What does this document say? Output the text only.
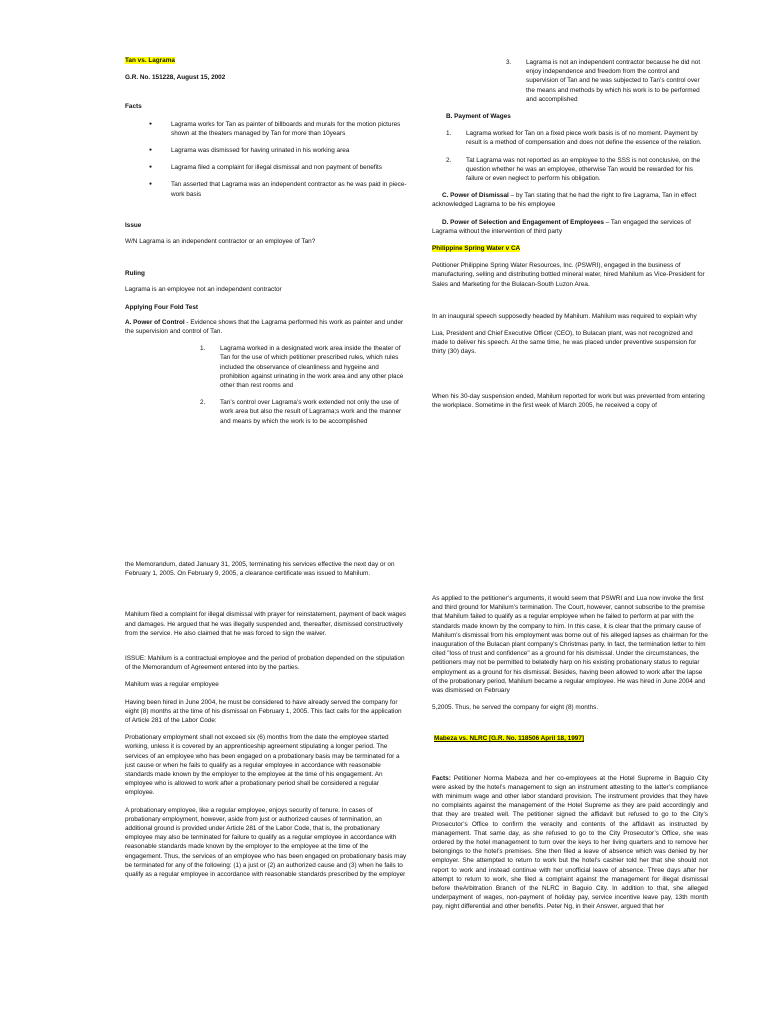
Tan vs. Lagrama

G.R. No. 151228, August 15, 2002

Facts

● Lagrama works for Tan as painter of billboards and murals for the motion pictures shown at the theaters managed by Tan for more than 10years

● Lagrama was dismissed for having urinated in his working area

● Lagrama filed a complaint for illegal dismissal and non payment of benefits

● Tan asserted that Lagrama was an independent contractor as he was paid in piece-work basis

Issue

W/N Lagrama is an independent contractor or an employee of Tan?

Ruling

Lagrama is an employee not an independent contractor

Applying Four Fold Test

A. Power of Control - Evidence shows that the Lagrama performed his work as painter and under the supervision and control of Tan.

1. Lagrama worked in a designated work area inside the theater of Tan for the use of which petitioner prescribed rules, which rules included the observance of cleanliness and hygeine and prohibition against urinating in the work area and any other place other than rest rooms and

2. Tan’s control over Lagrama’s work extended not only the use of work area but also the result of Lagrama;s work and the manner and means by which the work is to be accomplished

3. Lagrama is not an independent contractor because he did not enjoy independence and freedom from the control and supervision of Tan and he was subjected to Tan’s control over the means and methods by which his work is to be performed and accomplished

B. Payment of Wages

1. Lagrama worked for Tan on a fixed piece work basis is of no moment. Payment by result is a method of compensation and does not define the essence of the relation.

2. Tat Lagrama was not reported as an employee to the SSS is not conclusive, on the question whether he was an employee, otherwise Tan would be rewarded for his failure or even neglect to perform his obligation.

C. Power of Dismissal – by Tan stating that he had the right to fire Lagrama, Tan in effect acknowledged Lagrama to be his employee

D. Power of Selection and Engagement of Employees – Tan engaged the services of Lagrama without the intervention of third party

Philippine Spring Water v CA

Petitioner Philippine Spring Water Resources, Inc. (PSWRI), engaged in the business of manufacturing, selling and distributing bottled mineral water, hired Mahilum as Vice-President for Sales and Marketing for the Bulacan-South Luzon Area.

In an inaugural speech supposedly headed by Mahilum. Mahilum was required to explain why

Lua, President and Chief Executive Officer (CEO), to Bulacan plant, was not recognized and made to deliver his speech. At the same time, he was placed under preventive suspension for thirty (30) days.

When his 30-day suspension ended, Mahilum reported for work but was prevented from entering the workplace. Sometime in the first week of March 2005, he received a copy of

the Memorandum, dated January 31, 2005, terminating his services effective the next day or on February 1, 2005. On February 9, 2005, a clearance certificate was issued to Mahilum.

Mahilum filed a complaint for illegal dismissal with prayer for reinstatement, payment of back wages and damages. He argued that he was illegally suspended and, thereafter, dismissed constructively from the service. He also claimed that he was forced to sign the waiver.

ISSUE: Mahilum is a contractual employee and the period of probation depended on the stipulation of the Memorandum of Agreement entered into by the parties.

Mahilum was a regular employee

Having been hired in June 2004, he must be considered to have already served the company for eight (8) months at the time of his dismissal on February 1, 2005. This fact calls for the application of Article 281 of the Labor Code:

Probationary employment shall not exceed six (6) months from the date the employee started working, unless it is covered by an apprenticeship agreement stipulating a longer period. The services of an employee who has been engaged on a probationary basis may be terminated for a just cause or when he fails to qualify as a regular employee in accordance with reasonable standards made known by the employer to the employee at the time of his engagement. An employee who is allowed to work after a probationary period shall be considered a regular employee.

A probationary employee, like a regular employee, enjoys security of tenure. In cases of probationary employment, however, aside from just or authorized causes of termination, an additional ground is provided under Article 281 of the Labor Code, that is, the probationary employee may also be terminated for failure to qualify as a regular employee in accordance with reasonable standards made known by the employer to the employee at the time of the engagement. Thus, the services of an employee who has been engaged on probationary basis may be terminated for any of the following: (1) a just or (2) an authorized cause and (3) when he fails to qualify as a regular employee in accordance with reasonable standards prescribed by the employer

As applied to the petitioner’s arguments, it would seem that PSWRI and Lua now invoke the first and third ground for Mahilum’s termination. The Court, however, cannot subscribe to the premise that Mahilum failed to qualify as a regular employee when he failed to perform at par with the standards made known by the company to him. In this case, it is clear that the primary cause of Mahilum’s dismissal from his employment was borne out of his alleged lapses as chairman for the inauguration of the Bulacan plant company’s Christmas party. In fact, the termination letter to him cited "loss of trust and confidence" as a ground for his dismissal. Under the circumstances, the petitioners may not be permitted to belatedly harp on his existing probationary status to regular employment as a ground for his dismissal. Besides, having been allowed to work after the lapse of the probationary period, Mahilum became a regular employee. He was hired in June 2004 and was dismissed on February

5,2005. Thus, he served the company for eight (8) months.

Mabeza vs. NLRC [G.R. No. 118506 April 18, 1997]

Facts: Petitioner Norma Mabeza and her co-employees at the Hotel Supreme in Baguio City were asked by the hotel’s management to sign an instrument attesting to the latter’s compliance with minimum wage and other labor standard provision. The instrument provides that they have no complaints against the management of the Hotel Supreme as they are paid accordingly and that they are treated well. The petitioner signed the affidavit but refused to go to the City’s Prosecutor’s Office to confirm the veracity and contents of the affidavit as instructed by management. That same day, as she refused to go to the City Prosecutor’s Office, she was ordered by the hotel management to turn over the keys to her living quarters and to remove her belongings to the hotel’s premises. She then filed a leave of absence which was denied by her employer. She attempted to return to work but the hotel’s cashier told her that she should not report to work and instead continue with her unofficial leave of absence. Three days after her attempt to return to work, she filed a complaint against the management for illegal dismissal before theArbitration Branch of the NLRC in Baguio City. In addition to that, she alleged underpayment of wages, non-payment of holiday pay, service incentive leave pay, 13th month pay, night differential and other benefits. Peter Ng, in their Answer, argued that her
